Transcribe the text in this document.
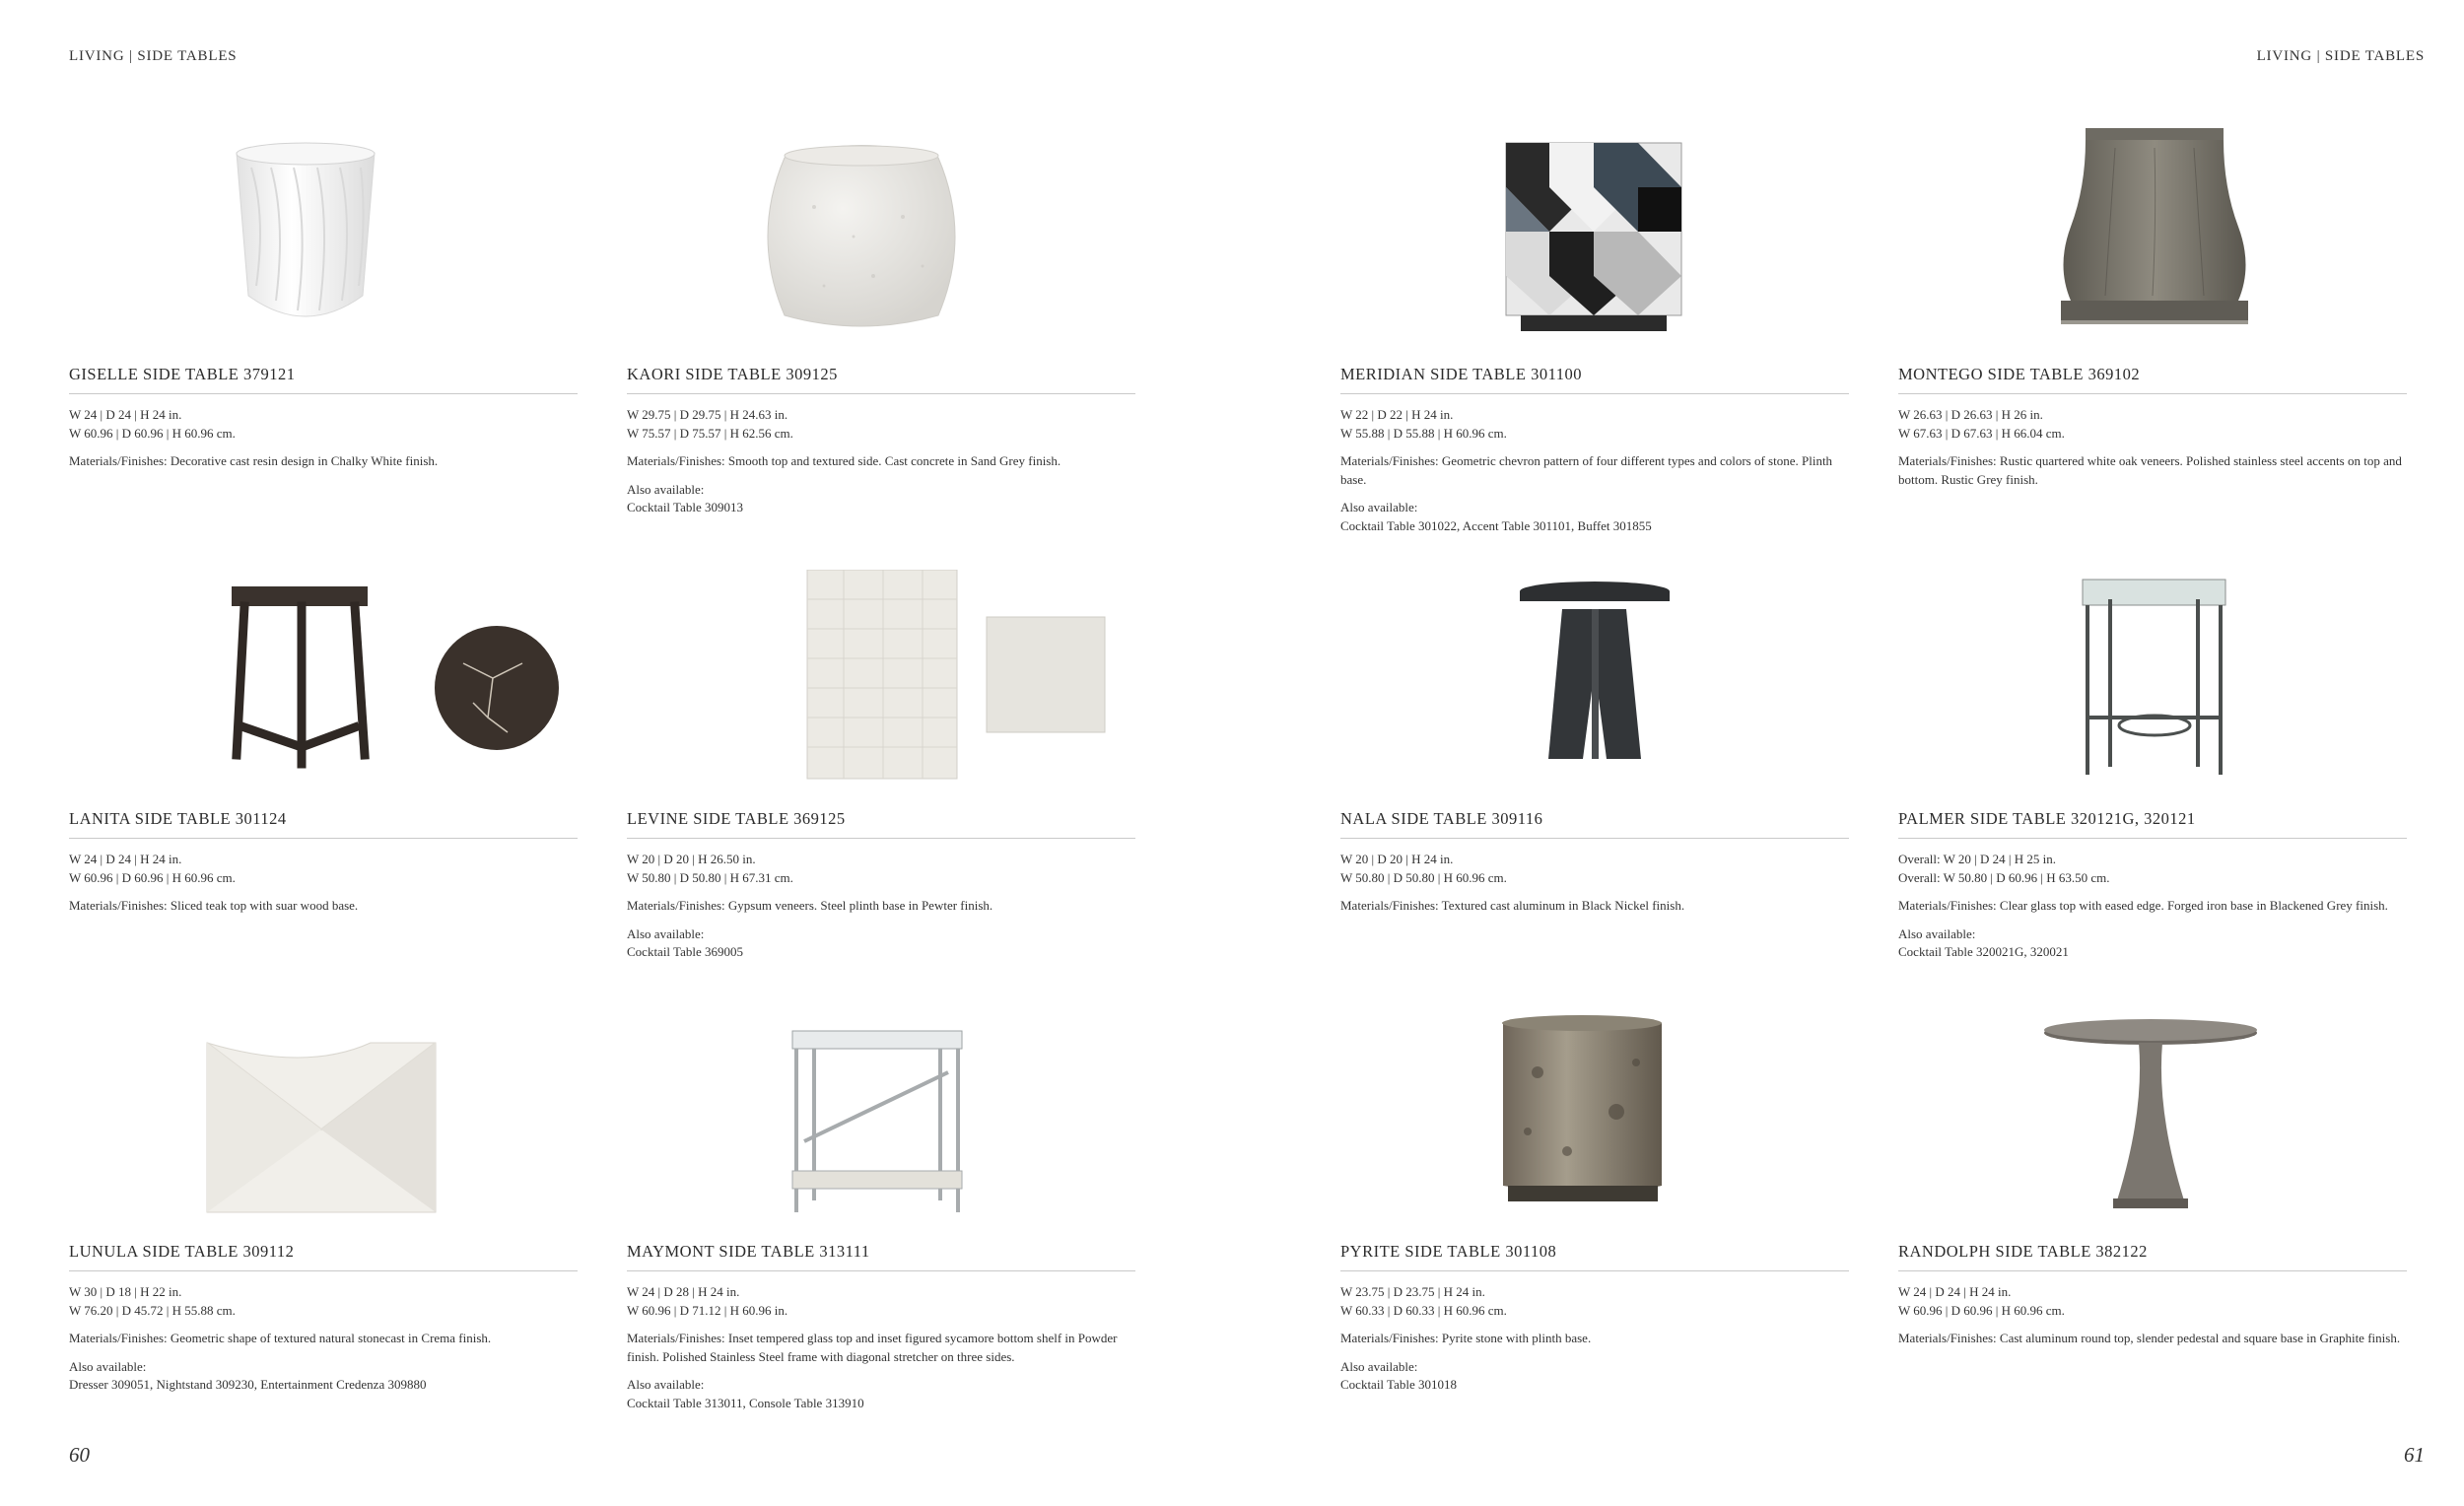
LIVING | SIDE TABLES	LIVING | SIDE TABLES
GISELLE SIDE TABLE 379121
W 24 | D 24 | H 24 in.
W 60.96 | D 60.96 | H 60.96 cm.
Materials/Finishes: Decorative cast resin design in Chalky White finish.
KAORI SIDE TABLE 309125
W 29.75 | D 29.75 | H 24.63 in.
W 75.57 | D 75.57 | H 62.56 cm.
Materials/Finishes: Smooth top and textured side. Cast concrete in Sand Grey finish.
Also available:
Cocktail Table 309013
MERIDIAN SIDE TABLE 301100
W 22 | D 22 | H 24 in.
W 55.88 | D 55.88 | H 60.96 cm.
Materials/Finishes: Geometric chevron pattern of four different types and colors of stone. Plinth base.
Also available:
Cocktail Table 301022, Accent Table 301101, Buffet 301855
MONTEGO SIDE TABLE 369102
W 26.63 | D 26.63 | H 26 in.
W 67.63 | D 67.63 | H 66.04 cm.
Materials/Finishes: Rustic quartered white oak veneers. Polished stainless steel accents on top and bottom. Rustic Grey finish.
LANITA SIDE TABLE 301124
W 24 | D 24 | H 24 in.
W 60.96 | D 60.96 | H 60.96 cm.
Materials/Finishes: Sliced teak top with suar wood base.
LEVINE SIDE TABLE 369125
W 20 | D 20 | H 26.50 in.
W 50.80 | D 50.80 | H 67.31 cm.
Materials/Finishes: Gypsum veneers. Steel plinth base in Pewter finish.
Also available:
Cocktail Table 369005
NALA SIDE TABLE 309116
W 20 | D 20 | H 24 in.
W 50.80 | D 50.80 | H 60.96 cm.
Materials/Finishes: Textured cast aluminum in Black Nickel finish.
PALMER SIDE TABLE 320121G, 320121
Overall: W 20 | D 24 | H 25 in.
Overall: W 50.80 | D 60.96 | H 63.50 cm.
Materials/Finishes: Clear glass top with eased edge. Forged iron base in Blackened Grey finish.
Also available:
Cocktail Table 320021G, 320021
LUNULA SIDE TABLE 309112
W 30 | D 18 | H 22 in.
W 76.20 | D 45.72 | H 55.88 cm.
Materials/Finishes: Geometric shape of textured natural stonecast in Crema finish.
Also available:
Dresser 309051, Nightstand 309230, Entertainment Credenza 309880
MAYMONT SIDE TABLE 313111
W 24 | D 28 | H 24 in.
W 60.96 | D 71.12 | H 60.96 in.
Materials/Finishes: Inset tempered glass top and inset figured sycamore bottom shelf in Powder finish. Polished Stainless Steel frame with diagonal stretcher on three sides.
Also available:
Cocktail Table 313011, Console Table 313910
PYRITE SIDE TABLE 301108
W 23.75 | D 23.75 | H 24 in.
W 60.33 | D 60.33 | H 60.96 cm.
Materials/Finishes: Pyrite stone with plinth base.
Also available:
Cocktail Table 301018
RANDOLPH SIDE TABLE 382122
W 24 | D 24 | H 24 in.
W 60.96 | D 60.96 | H 60.96 cm.
Materials/Finishes: Cast aluminum round top, slender pedestal and square base in Graphite finish.
60	61
